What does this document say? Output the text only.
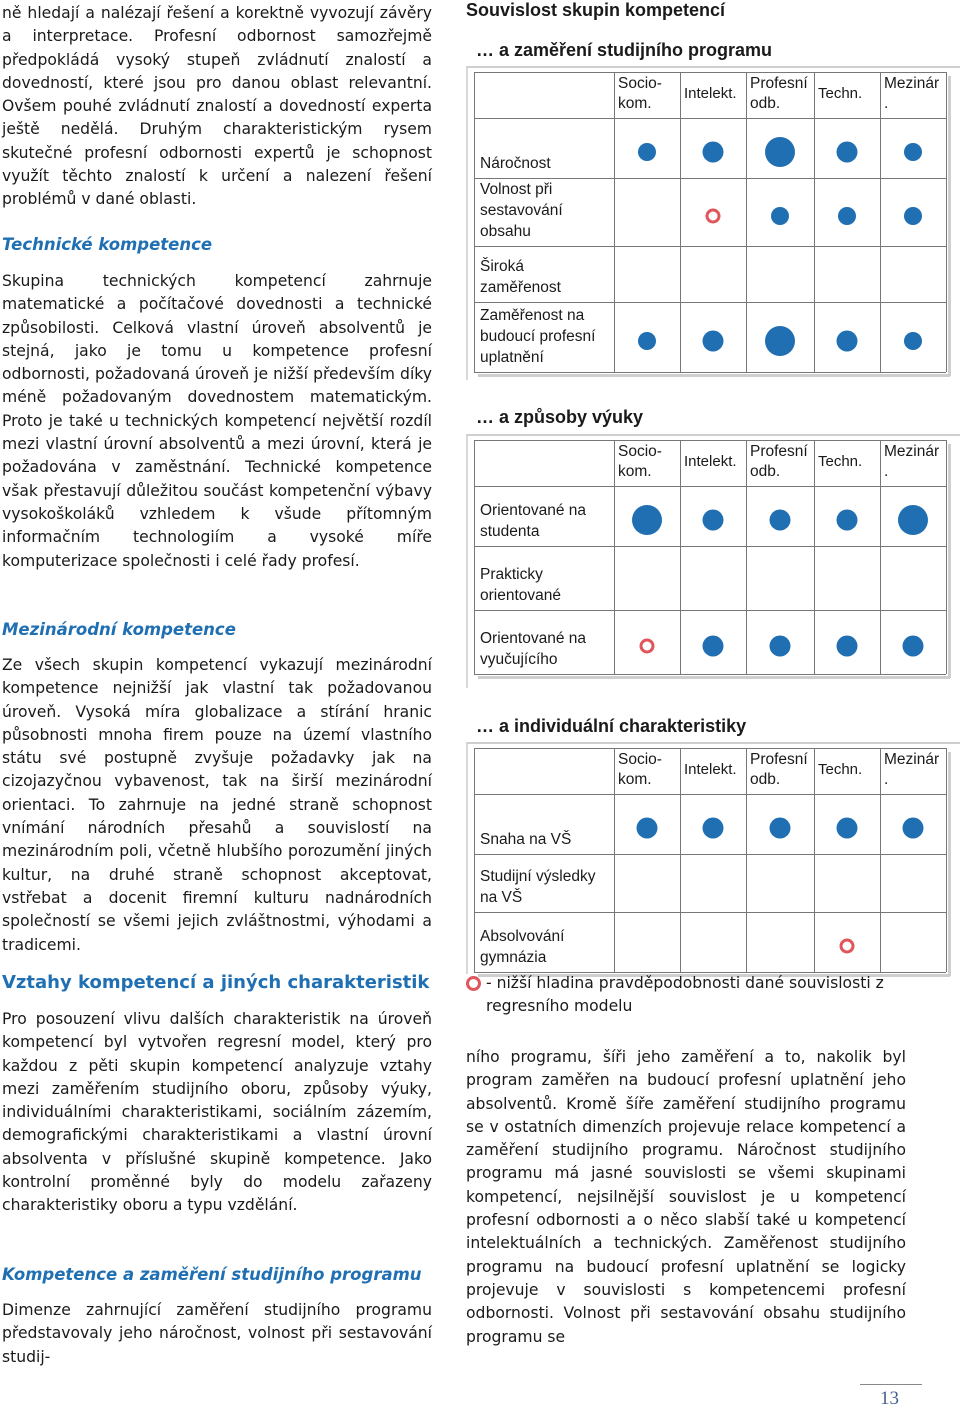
ně hledají a nalézají řešení a korektně vyvozují závěry a interpretace. Profesní odbornost samozřejmě předpokládá vysoký stupeň zvládnutí znalostí a dovedností, které jsou pro danou oblast relevantní. Ovšem pouhé zvládnutí znalostí a dovedností experta ještě nedělá. Druhým charakteristickým rysem skutečné profesní odbornosti expertů je schopnost využít těchto znalostí k určení a nalezení řešení problémů v dané oblasti.

Technické kompetence

Skupina technických kompetencí zahrnuje matematické a počítačové dovednosti a technické způsobilosti. Celková vlastní úroveň absolventů je stejná, jako je tomu u kompetence profesní odbornosti, požadovaná úroveň je nižší především díky méně požadovaným dovednostem matematickým. Proto je také u technických kompetencí největší rozdíl mezi vlastní úrovní absolventů a mezi úrovní, která je požadována v zaměstnání. Technické kompetence však přestavují důležitou součást kompetenční výbavy vysokoškoláků vzhledem k všude přítomným informačním technologiím a vysoké míře komputerizace společnosti i celé řady profesí.

Mezinárodní kompetence

Ze všech skupin kompetencí vykazují mezinárodní kompetence nejnižší jak vlastní tak požadovanou úroveň. Vysoká míra globalizace a stírání hranic působnosti mnoha firem pouze na území vlastního státu své postupně zvyšuje požadavky jak na cizojazyčnou vybavenost, tak na širší mezinárodní orientaci. To zahrnuje na jedné straně schopnost vnímání národních přesahů a souvislostí na mezinárodním poli, včetně hlubšího porozumění jiných kultur, na druhé straně schopnost akceptovat, vstřebat a docenit firemní kulturu nadnárodních společností se všemi jejich zvláštnostmi, výhodami a tradicemi.

Vztahy kompetencí a jiných charakteristik

Pro posouzení vlivu dalších charakteristik na úroveň kompetencí byl vytvořen regresní model, který pro každou z pěti skupin kompetencí analyzuje vztahy mezi zaměřením studijního oboru, způsoby výuky, individuálními charakteristikami, sociálním zázemím, demografickými charakteristikami a vlastní úrovní absolventa v příslušné skupině kompetence. Jako kontrolní proměnné byly do modelu zařazeny charakteristiky oboru a typu vzdělání.

Kompetence a zaměření studijního programu

Dimenze zahrnující zaměření studijního programu představovaly jeho náročnost, volnost při sestavování studij-

Souvislost skupin kompetencí
… a zaměření studijního programu
Socio-
kom.
Intelekt.
Profesní
odb.
Techn.
Mezinár
.
Náročnost
Volnost při
sestavování
obsahu
Široká
zaměřenost
Zaměřenost na
budoucí profesní
uplatnění
… a způsoby výuky
Socio-
kom.
Intelekt.
Profesní
odb.
Techn.
Mezinár
.
Orientované na
studenta
Prakticky
orientované
Orientované na
vyučujícího
… a individuální charakteristiky
Socio-
kom.
Intelekt.
Profesní
odb.
Techn.
Mezinár
.
Snaha na VŠ
Studijní výsledky
na VŠ
Absolvování
gymnázia
- nižší hladina pravděpodobnosti dané souvislosti z regresního modelu

ního programu, šíři jeho zaměření a to, nakolik byl program zaměřen na budoucí profesní uplatnění jeho absolventů. Kromě šíře zaměření studijního programu se v ostatních dimenzích projevuje relace kompetencí a zaměření studijního programu. Náročnost studijního programu má jasné souvislosti se všemi skupinami kompetencí, nejsilnější souvislost je u kompetencí profesní odbornosti a o něco slabší také u kompetencí intelektuálních a technických. Zaměřenost studijního programu na budoucí profesní uplatnění se logicky projevuje v souvislosti s kompetencemi profesní odbornosti. Volnost při sestavování obsahu studijního programu se

13
